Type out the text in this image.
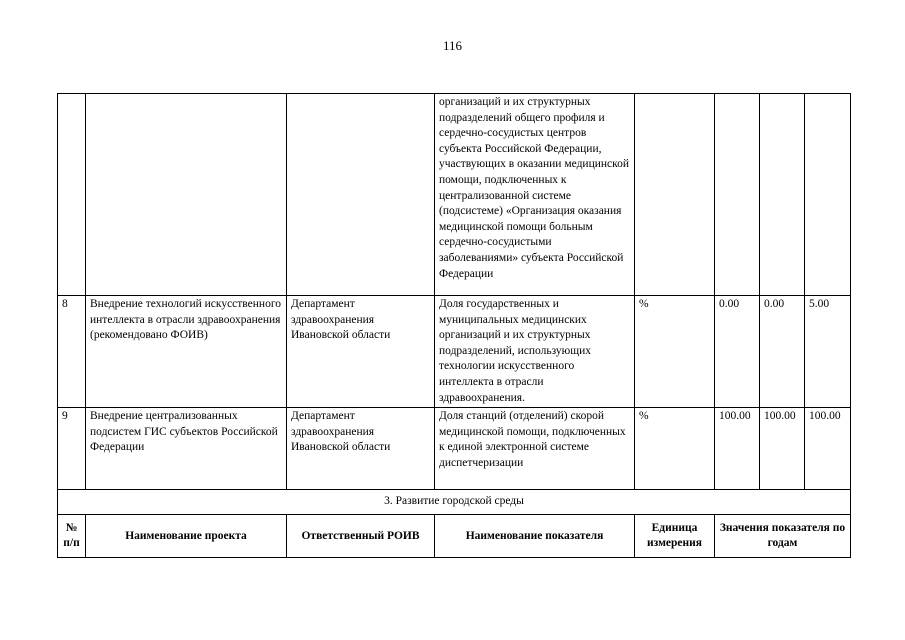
116
			организаций и их структурных подразделений общего профиля и сердечно-сосудистых центров субъекта Российской Федерации, участвующих в оказании медицинской помощи, подключенных к централизованной системе (подсистеме) «Организация оказания медицинской помощи больным сердечно-сосудистыми заболеваниями» субъекта Российской Федерации				
8	Внедрение технологий искусственного интеллекта в отрасли здравоохранения (рекомендовано ФОИВ)	Департамент здравоохранения Ивановской области	Доля государственных и муниципальных медицинских организаций и их структурных подразделений, использующих технологии искусственного интеллекта в отрасли здравоохранения.	%	0.00	0.00	5.00
9	Внедрение централизованных подсистем ГИС субъектов Российской Федерации	Департамент здравоохранения Ивановской области	Доля станций (отделений) скорой медицинской помощи, подключенных к единой электронной системе диспетчеризации	%	100.00	100.00	100.00
3. Развитие городской среды							
№ п/п	Наименование проекта	Ответственный РОИВ	Наименование показателя	Единица измерения	Значения показателя по годам		
